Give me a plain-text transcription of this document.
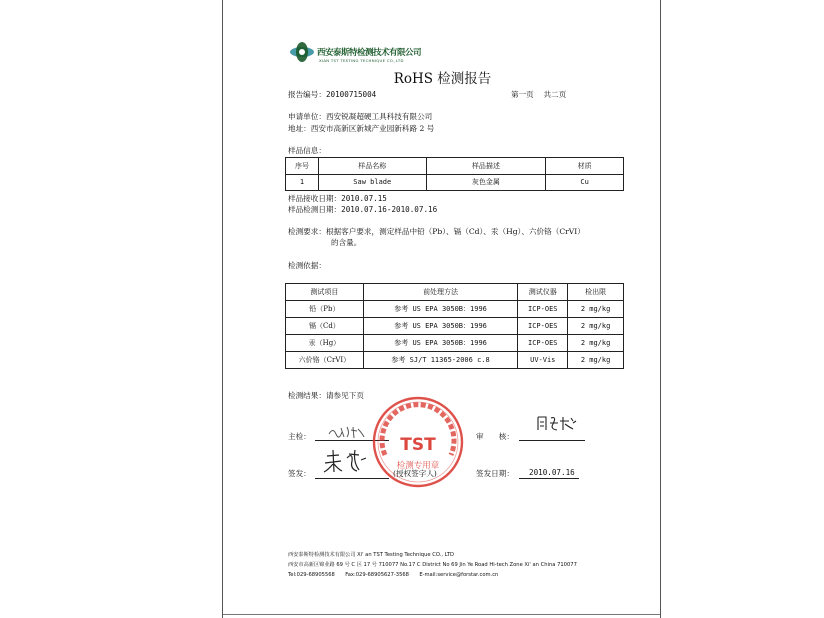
西安泰斯特检测技术有限公司
XIAN TST TESTING TECHNIQUE CO.,LTD
RoHS 检测报告
报告编号：20100715004	第一页 共二页
申请单位：西安锐凝超硬工具科技有限公司
地址：西安市高新区新城产业园新科路 2 号
样品信息：
序号	样品名称	样品描述	材质
1	Saw blade	灰色金属	Cu
样品接收日期：2010.07.15
样品检测日期：2010.07.16-2010.07.16
检测要求：根据客户要求，测定样品中铅（Pb）、镉（Cd）、汞（Hg）、六价铬（CrVI）
的含量。
检测依据：
测试项目	前处理方法	测试仪器	检出限
铅（Pb）	参考 US EPA 3050B：1996	ICP-OES	2 mg/kg
镉（Cd）	参考 US EPA 3050B：1996	ICP-OES	2 mg/kg
汞（Hg）	参考 US EPA 3050B：1996	ICP-OES	2 mg/kg
六价铬（CrVI）	参考 SJ/T 11365-2006 c.8	UV-Vis	2 mg/kg
检测结果：请参见下页
主检：	审　　核：
签发：	(授权签字人)	签发日期： 2010.07.16
TST
检测专用章
西安泰斯特检测技术有限公司 Xi' an TST Testing Technique CO., LTD
西安市高新区锦业路 69 号 C 区 17 号 710077 No.17 C District No 69 Jin Ye Road Hi-tech Zone Xi' an China 710077
Tel:029-68905568　　Fax:029-68905627-3568　　E-mail:service@forstar.com.cn
